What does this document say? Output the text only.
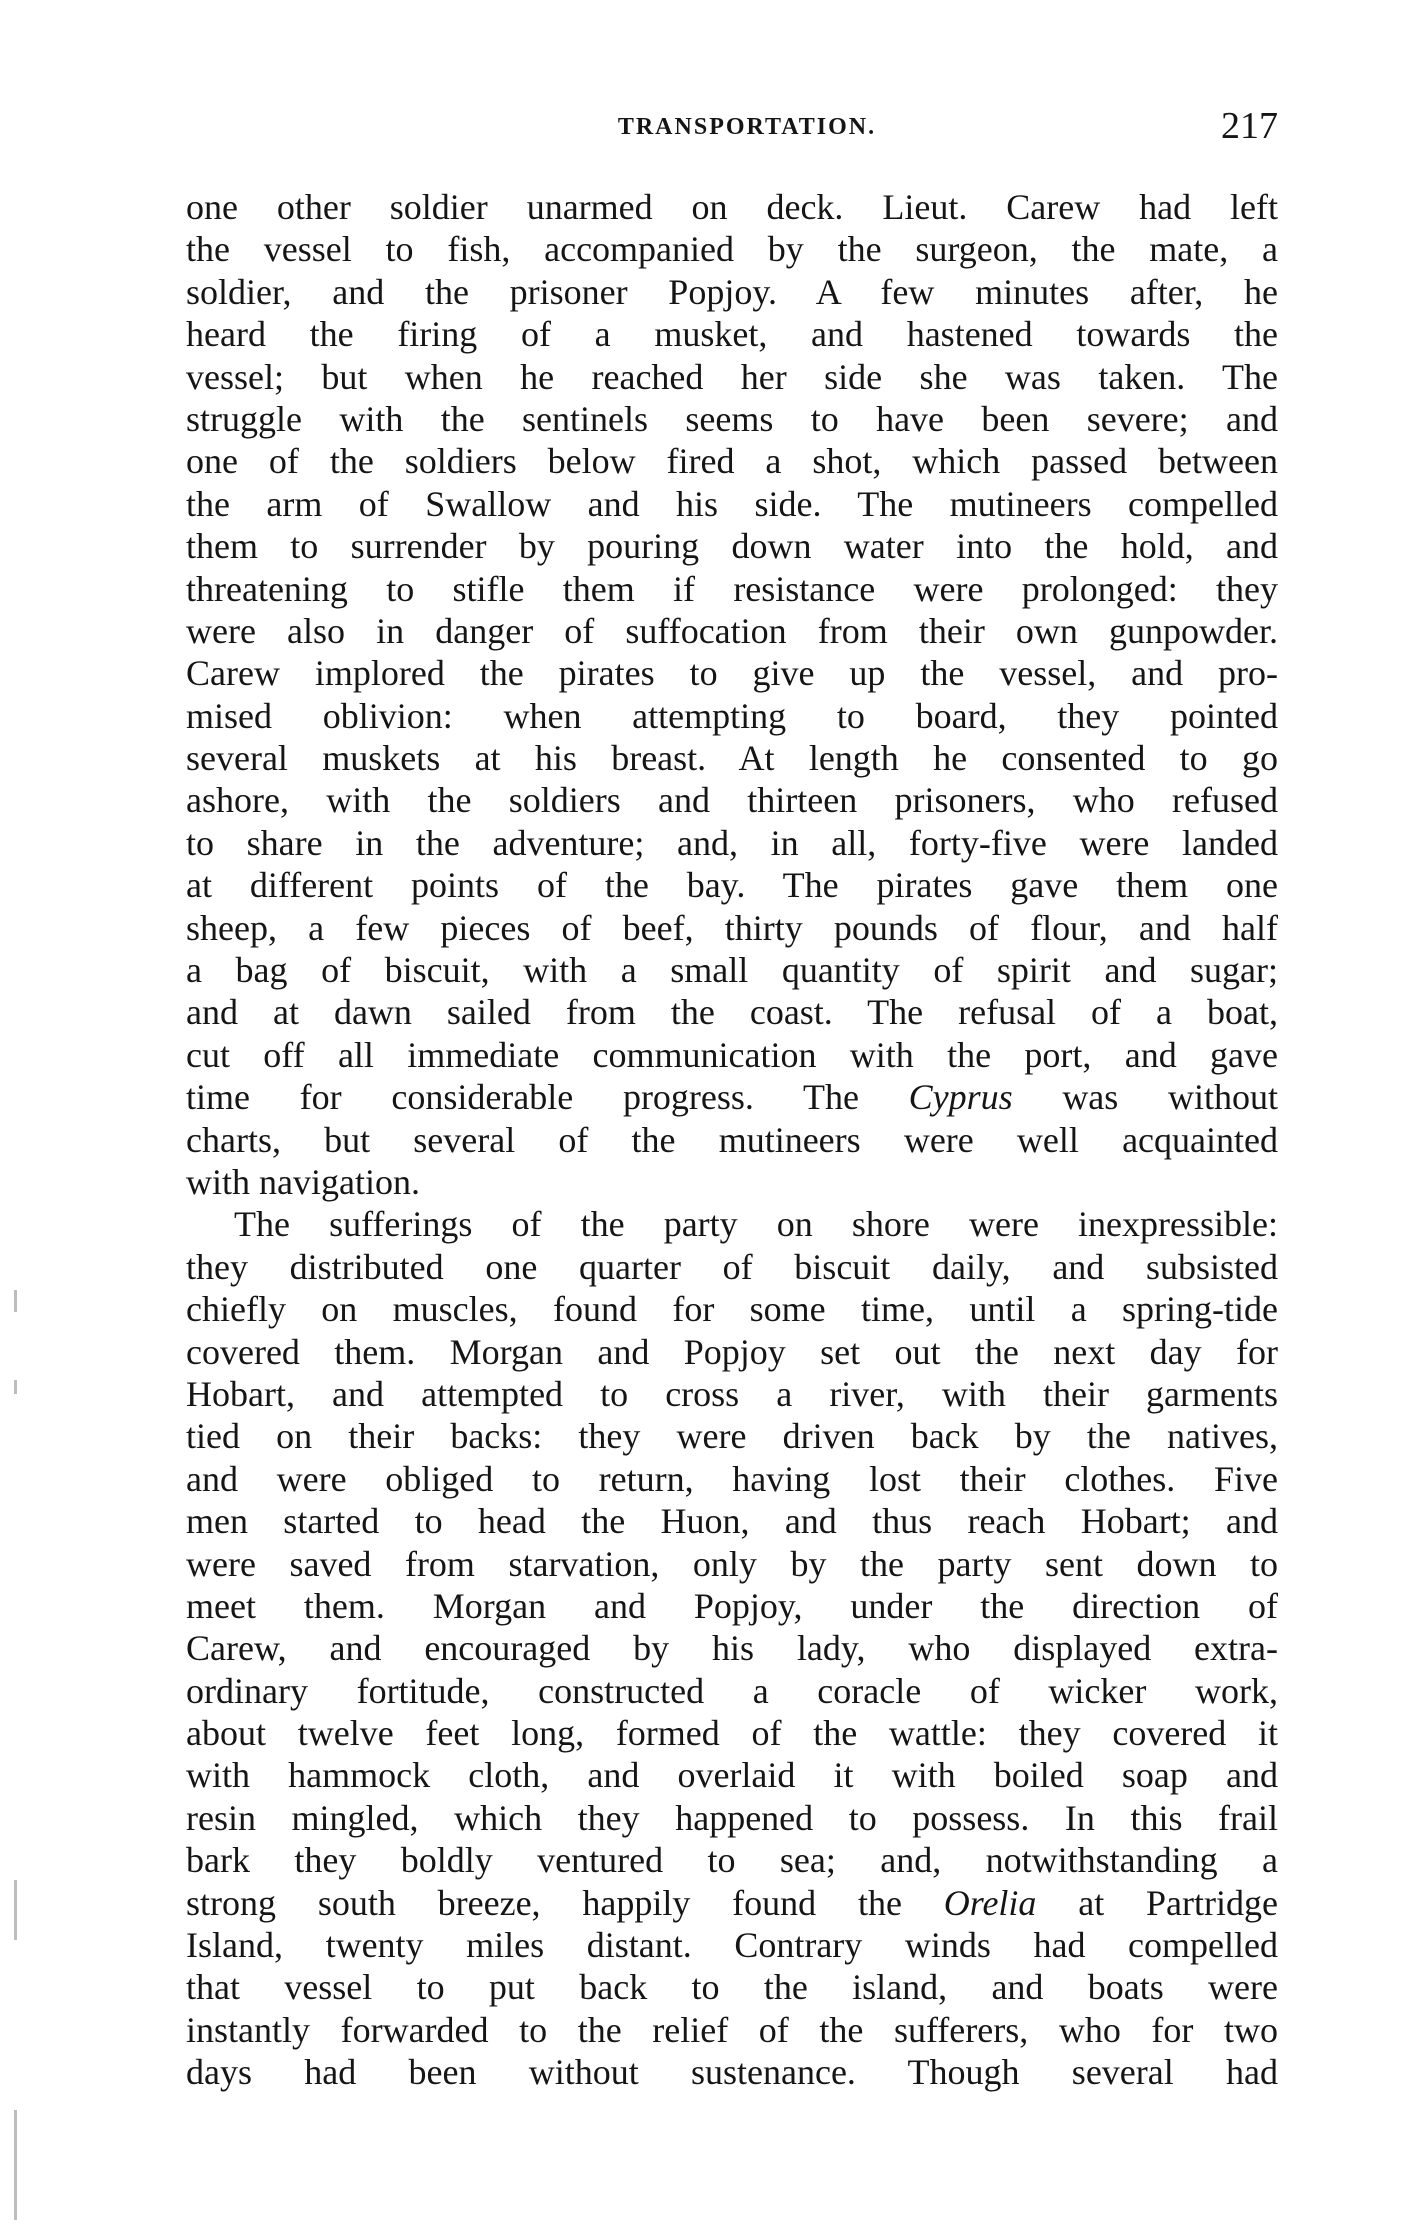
TRANSPORTATION.	217
one other soldier unarmed on deck. Lieut. Carew had left
the vessel to fish, accompanied by the surgeon, the mate, a
soldier, and the prisoner Popjoy. A few minutes after, he
heard the firing of a musket, and hastened towards the
vessel; but when he reached her side she was taken. The
struggle with the sentinels seems to have been severe; and
one of the soldiers below fired a shot, which passed between
the arm of Swallow and his side. The mutineers compelled
them to surrender by pouring down water into the hold, and
threatening to stifle them if resistance were prolonged: they
were also in danger of suffocation from their own gunpowder.
Carew implored the pirates to give up the vessel, and pro-
mised oblivion: when attempting to board, they pointed
several muskets at his breast. At length he consented to go
ashore, with the soldiers and thirteen prisoners, who refused
to share in the adventure; and, in all, forty-five were landed
at different points of the bay. The pirates gave them one
sheep, a few pieces of beef, thirty pounds of flour, and half
a bag of biscuit, with a small quantity of spirit and sugar;
and at dawn sailed from the coast. The refusal of a boat,
cut off all immediate communication with the port, and gave
time for considerable progress. The Cyprus was without
charts, but several of the mutineers were well acquainted
with navigation.
The sufferings of the party on shore were inexpressible:
they distributed one quarter of biscuit daily, and subsisted
chiefly on muscles, found for some time, until a spring-tide
covered them. Morgan and Popjoy set out the next day for
Hobart, and attempted to cross a river, with their garments
tied on their backs: they were driven back by the natives,
and were obliged to return, having lost their clothes. Five
men started to head the Huon, and thus reach Hobart; and
were saved from starvation, only by the party sent down to
meet them. Morgan and Popjoy, under the direction of
Carew, and encouraged by his lady, who displayed extra-
ordinary fortitude, constructed a coracle of wicker work,
about twelve feet long, formed of the wattle: they covered it
with hammock cloth, and overlaid it with boiled soap and
resin mingled, which they happened to possess. In this frail
bark they boldly ventured to sea; and, notwithstanding a
strong south breeze, happily found the Orelia at Partridge
Island, twenty miles distant. Contrary winds had compelled
that vessel to put back to the island, and boats were
instantly forwarded to the relief of the sufferers, who for two
days had been without sustenance. Though several had
